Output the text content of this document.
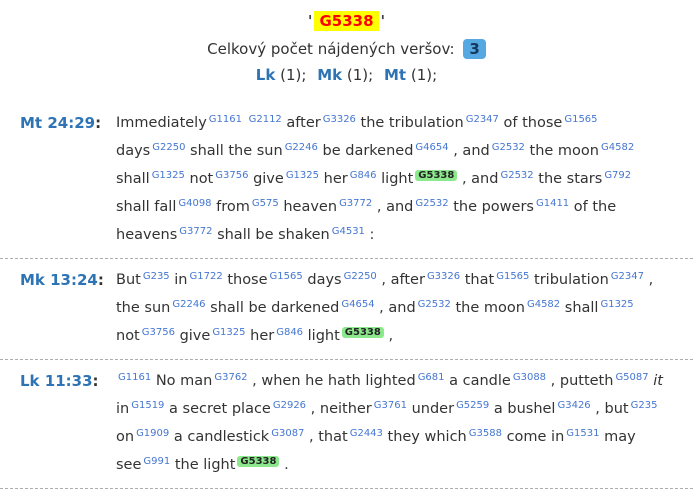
' G5338 '
Celkový počet nájdených veršov: 3
Lk (1); Mk (1); Mt (1);
Mt 24:29:	Immediately $^{G1161}$ $^{G2112}$ after $^{G3326}$ the tribulation $^{G2347}$ of those $^{G1565}$ days $^{G2250}$ shall the sun $^{G2246}$ be darkened $^{G4654}$ , and $^{G2532}$ the moon $^{G4582}$ shall $^{G1325}$ not $^{G3756}$ give $^{G1325}$ her $^{G846}$ light $^{G5338}$ , and $^{G2532}$ the stars $^{G792}$ shall fall $^{G4098}$ from $^{G575}$ heaven $^{G3772}$ , and $^{G2532}$ the powers $^{G1411}$ of the heavens $^{G3772}$ shall be shaken $^{G4531}$ :
Mk 13:24: But $^{G235}$ in $^{G1722}$ those $^{G1565}$ days $^{G2250}$ , after $^{G3326}$ that $^{G1565}$ tribulation $^{G2347}$ , the sun $^{G2246}$ shall be darkened $^{G4654}$ , and $^{G2532}$ the moon $^{G4582}$ shall $^{G1325}$ not $^{G3756}$ give $^{G1325}$ her $^{G846}$ light $^{G5338}$ ,
Lk 11:33:	$^{G1161}$ No man $^{G3762}$ , when he hath lighted $^{G681}$ a candle $^{G3088}$ , putteth $^{G5087}$ it in $^{G1519}$ a secret place $^{G2926}$ , neither $^{G3761}$ under $^{G5259}$ a bushel $^{G3426}$ , but $^{G235}$ on $^{G1909}$ a candlestick $^{G3087}$ , that $^{G2443}$ they which $^{G3588}$ come in $^{G1531}$ may see $^{G991}$ the light $^{G5338}$ .
